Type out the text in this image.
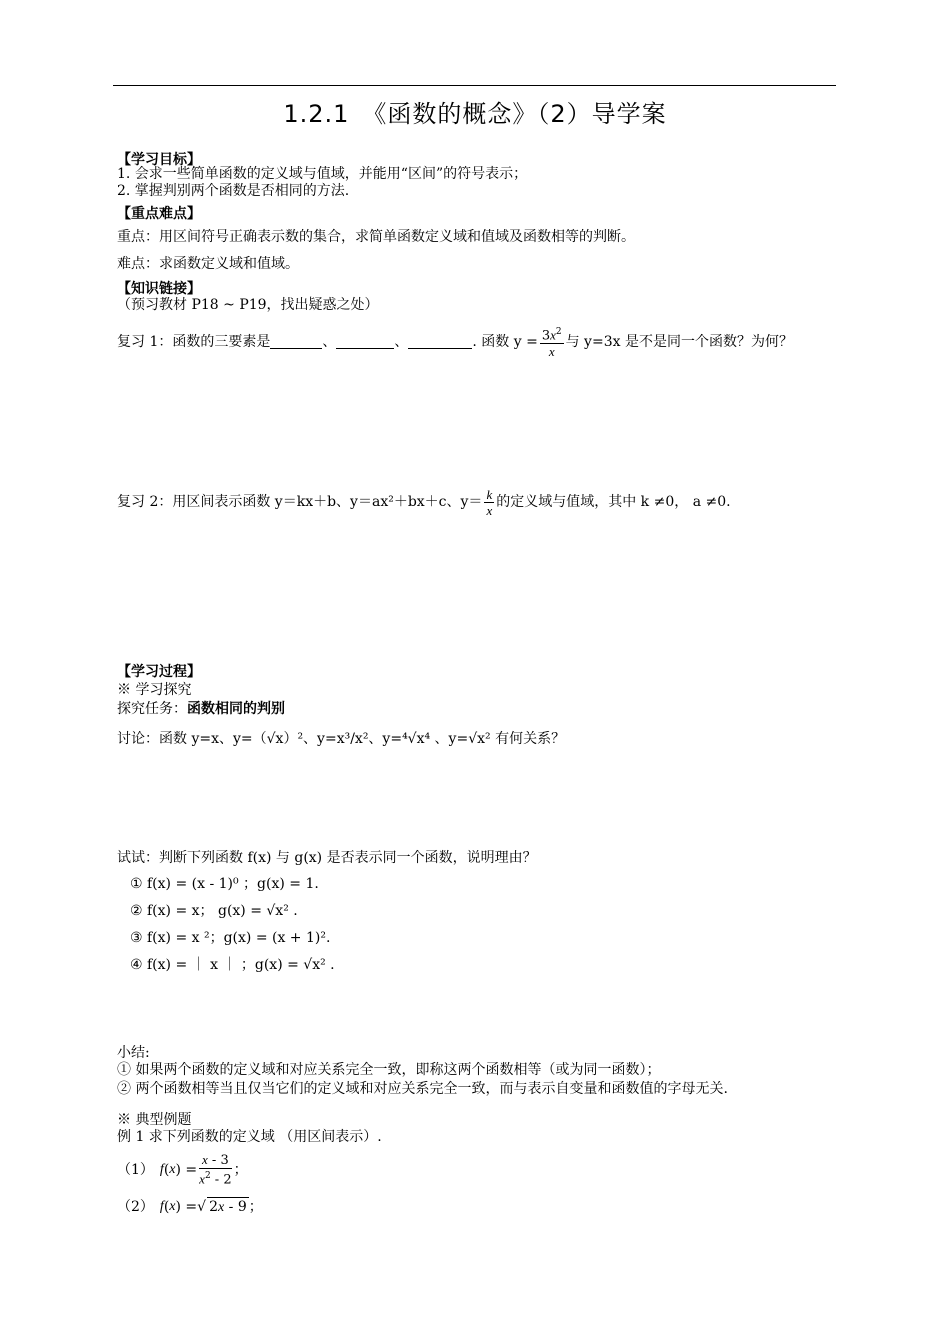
1.2.1　《函数的概念》（2）导学案
【学习目标】
1. 会求一些简单函数的定义域与值域，并能用“区间”的符号表示；
2. 掌握判别两个函数是否相同的方法.
【重点难点】
重点：用区间符号正确表示数的集合，求简单函数定义域和值域及函数相等的判断。
难点：求函数定义域和值域。
【知识链接】
（预习教材 P18 ~ P19，找出疑惑之处）
复习 1：函数的三要素是	、	、	. 函数 $y = \frac{3x^2}{x}$ 与 y=3x 是不是同一个函数？为何？
复习 2：用区间表示函数 y＝kx＋b、y＝ax²＋bx＋c、$y= \frac{k}{x}$ 的定义域与值域，其中 k ≠0， a ≠0.
【学习过程】
※ 学习探究
探究任务：函数相同的判别
讨论：函数 y=x、y=（√x）²、y=x³/x²、y=⁴√x⁴ 、y=√x² 有何关系？
试试：判断下列函数 f(x) 与 g(x) 是否表示同一个函数，说明理由？
① f(x) = (x - 1)⁰ ；g(x) = 1.
② f(x) = x； g(x) = √x² .
③ f(x) = x ²；g(x) = (x + 1)².
④ f(x) = ｜ x ｜ ；g(x) = √x² .
小结:
① 如果两个函数的定义域和对应关系完全一致，即称这两个函数相等（或为同一函数）；
② 两个函数相等当且仅当它们的定义域和对应关系完全一致，而与表示自变量和函数值的字母无关.
※ 典型例题
例 1 求下列函数的定义域 （用区间表示）.
（1） f ( x ) = $\frac{x - 3}{x^2 - 2}$ ；
（2） f ( x ) =√ 2x - 9 ；
